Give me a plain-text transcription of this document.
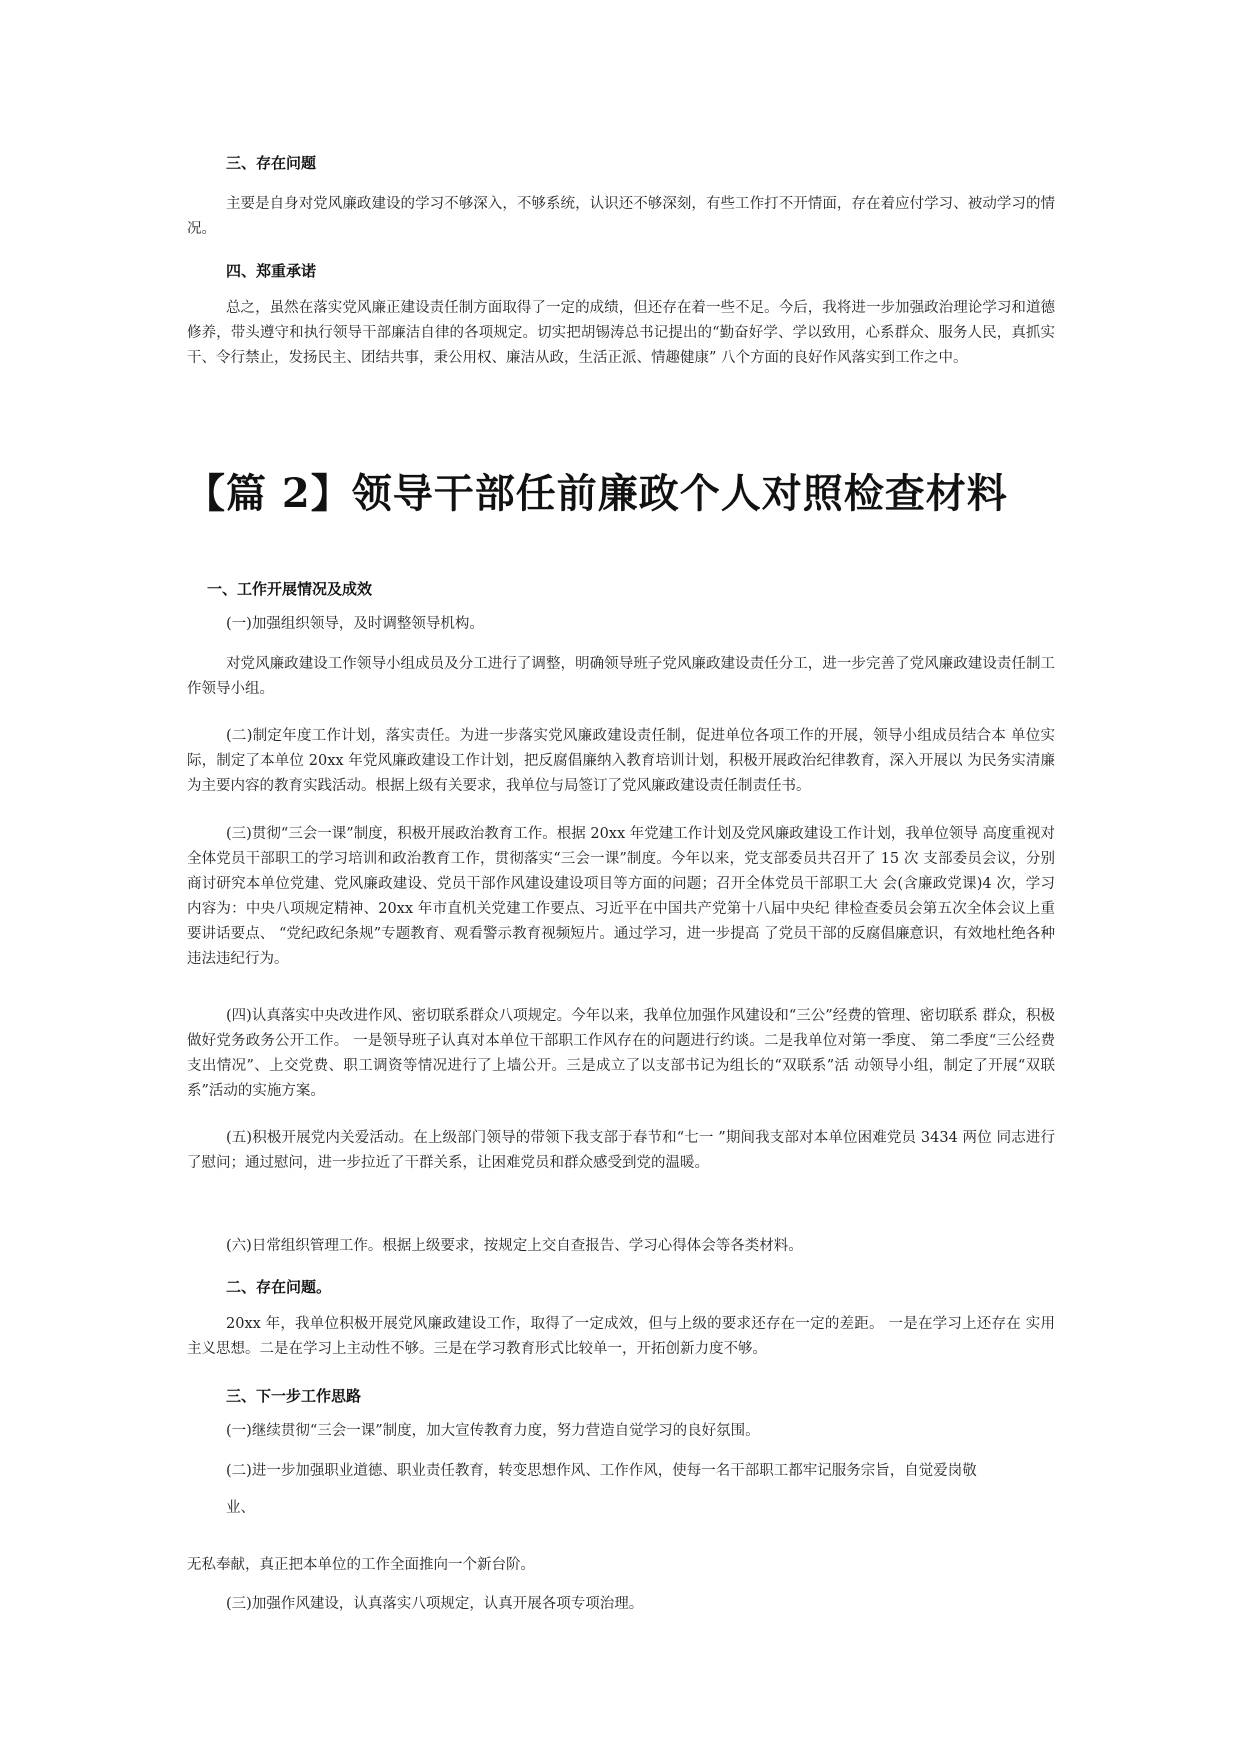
三、存在问题

主要是自身对党风廉政建设的学习不够深入，不够系统，认识还不够深刻，有些工作打不开情面，存在着应付学习、被动学习的情况。

四、郑重承诺

总之，虽然在落实党风廉正建设责任制方面取得了一定的成绩，但还存在着一些不足。今后，我将进一步加强政治理论学习和道德修养，带头遵守和执行领导干部廉洁自律的各项规定。切实把胡锡涛总书记提出的“勤奋好学、学以致用，心系群众、服务人民，真抓实干、令行禁止，发扬民主、团结共事，秉公用权、廉洁从政，生活正派、情趣健康” 八个方面的良好作风落实到工作之中。

【篇 2】领导干部任前廉政个人对照检查材料
一、工作开展情况及成效

(一)加强组织领导，及时调整领导机构。

对党风廉政建设工作领导小组成员及分工进行了调整，明确领导班子党风廉政建设责任分工，进一步完善了党风廉政建设责任制工作领导小组。

(二)制定年度工作计划，落实责任。为进一步落实党风廉政建设责任制，促进单位各项工作的开展，领导小组成员结合本 单位实际，制定了本单位 20xx 年党风廉政建设工作计划，把反腐倡廉纳入教育培训计划，积极开展政治纪律教育，深入开展以 为民务实清廉为主要内容的教育实践活动。根据上级有关要求，我单位与局签订了党风廉政建设责任制责任书。

(三)贯彻“三会一课”制度，积极开展政治教育工作。根据 20xx 年党建工作计划及党风廉政建设工作计划，我单位领导 高度重视对全体党员干部职工的学习培训和政治教育工作，贯彻落实“三会一课”制度。今年以来，党支部委员共召开了 15 次 支部委员会议，分别商讨研究本单位党建、党风廉政建设、党员干部作风建设建设项目等方面的问题；召开全体党员干部职工大 会(含廉政党课)4 次，学习内容为：中央八项规定精神、20xx 年市直机关党建工作要点、习近平在中国共产党第十八届中央纪 律检查委员会第五次全体会议上重要讲话要点、 “党纪政纪条规”专题教育、观看警示教育视频短片。通过学习，进一步提高 了党员干部的反腐倡廉意识，有效地杜绝各种违法违纪行为。

(四)认真落实中央改进作风、密切联系群众八项规定。今年以来，我单位加强作风建设和“三公”经费的管理、密切联系 群众，积极做好党务政务公开工作。 一是领导班子认真对本单位干部职工作风存在的问题进行约谈。二是我单位对第一季度、 第二季度“三公经费支出情况”、上交党费、职工调资等情况进行了上墙公开。三是成立了以支部书记为组长的“双联系”活 动领导小组，制定了开展“双联系”活动的实施方案。

(五)积极开展党内关爱活动。在上级部门领导的带领下我支部于春节和“七一 ”期间我支部对本单位困难党员 3434 两位 同志进行了慰问；通过慰问，进一步拉近了干群关系，让困难党员和群众感受到党的温暖。

(六)日常组织管理工作。根据上级要求，按规定上交自查报告、学习心得体会等各类材料。

二、存在问题。

20xx 年，我单位积极开展党风廉政建设工作，取得了一定成效，但与上级的要求还存在一定的差距。 一是在学习上还存在 实用主义思想。二是在学习上主动性不够。三是在学习教育形式比较单一，开拓创新力度不够。

三、下一步工作思路

(一)继续贯彻“三会一课”制度，加大宣传教育力度，努力营造自觉学习的良好氛围。

(二)进一步加强职业道德、职业责任教育，转变思想作风、工作作风，使每一名干部职工都牢记服务宗旨，自觉爱岗敬

业、

无私奉献，真正把本单位的工作全面推向一个新台阶。

(三)加强作风建设，认真落实八项规定，认真开展各项专项治理。
